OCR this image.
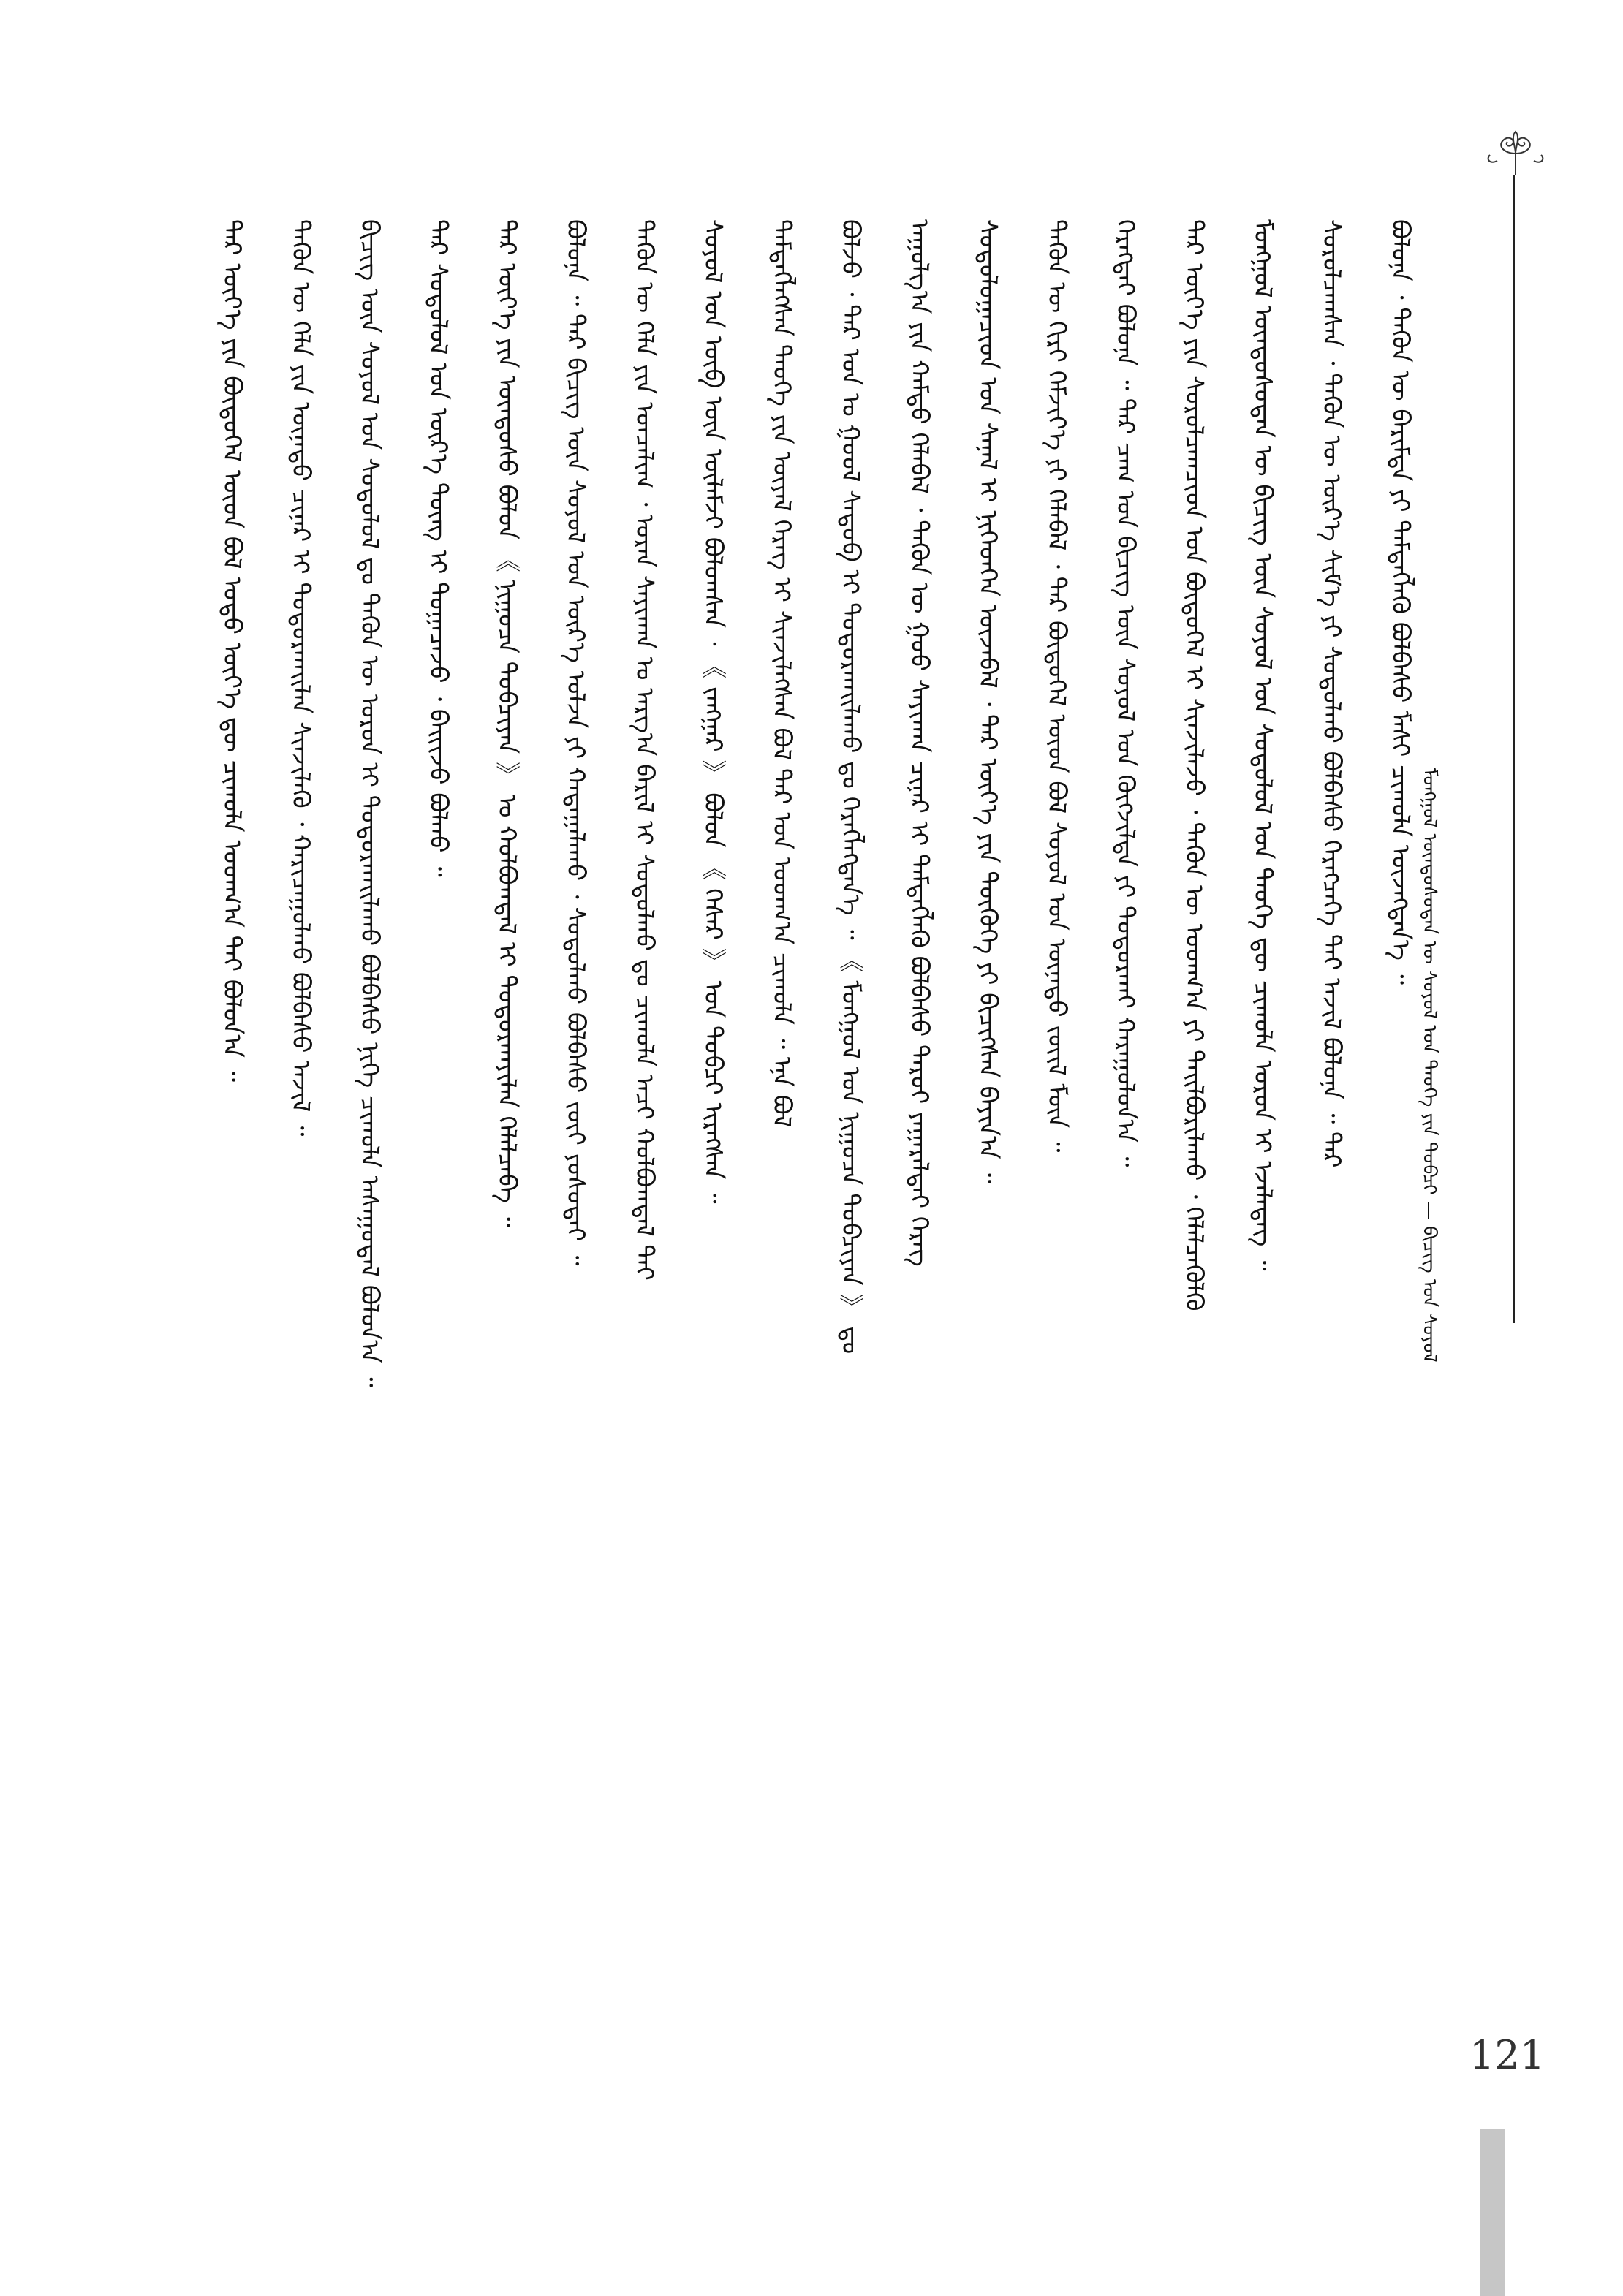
ᠮᠣᠩᠭᠣᠯ ᠦᠨᠳᠦᠰᠦᠲᠡᠨ ᠦ ᠰᠣᠶᠣᠯ ᠤᠨ ᠲᠡᠦᠬᠡ ᠶᠢᠨ ᠲᠣᠪᠴᠢ — ᠪᠢᠴᠢᠭ ᠤᠨ ᠰᠣᠶᠣᠯ
ᠪᠣᠯᠤᠨᠠ ᠂ ᠲᠡᠭᠦᠨ ᠦ ᠪᠠᠷᠢᠮᠲᠠ ᠶᠢ ᠲᠡᠮᠳᠡᠭᠯᠡᠬᠦ ᠪᠣᠯᠪᠠᠰᠤ ᠮᠠᠰᠢ ᠴᠢᠬᠤᠯᠠ ᠦᠵᠡᠭᠳᠡᠨ᠎ᠡ ᠃
ᠰᠤᠷᠤᠯᠴᠠᠭᠰᠠᠨ ᠂ ᠲᠡᠭᠦᠨ ᠦ ᠦᠷ᠎ᠡ ᠰᠢᠮ᠎ᠡ ᠶᠢ ᠰᠤᠳᠤᠯᠬᠤ ᠪᠣᠯᠪᠠᠰᠤ ᠬᠡᠷᠡᠭᠴᠡᠭᠡ ᠲᠠᠢ ᠠᠵᠢᠯ ᠪᠣᠯᠤᠨᠠ ᠃ ᠲᠡᠷ
ᠮᠣᠩᠭᠣᠯ ᠦᠨᠳᠦᠰᠦᠲᠡᠨ ᠦ ᠪᠢᠴᠢᠭ ᠦᠨ ᠰᠣᠶᠣᠯ ᠤᠨ ᠰᠤᠳᠤᠯᠤᠯ ᠤᠨ ᠲᠡᠦᠬᠡ ᠳᠦ ᠴᠢᠬᠤᠯᠠ ᠣᠷᠣᠨ ᠢ ᠡᠵᠡᠯᠡᠳᠡᠭ ᠃
ᠲᠡᠷ ᠦᠶ᠎ᠡ ᠶᠢᠨ ᠰᠤᠷᠤᠯᠴᠠᠭᠴᠢᠳ ᠤᠨ ᠪᠦᠲᠦᠭᠡᠯ ᠢ ᠰᠢᠨᠵᠢᠯᠡᠵᠦ ᠂ ᠲᠡᠭᠦᠨ ᠦ ᠤᠳᠬ᠎ᠠ ᠶᠢ ᠲᠠᠢᠯᠪᠤᠷᠢᠯᠠᠬᠤ ᠂ ᠬᠡᠯᠡᠯᠴᠡᠭᠦᠯᠬᠦ
ᠬᠡᠷᠡᠭᠲᠡᠢ ᠪᠣᠯᠤᠨᠠ ᠃ ᠲᠡᠷ ᠴᠠᠭ ᠤᠨ ᠪᠢᠴᠢᠭ ᠦᠨ ᠰᠣᠶᠣᠯ ᠤᠨ ᠬᠥᠭᠵᠢᠯᠲᠡ ᠶᠢ ᠲᠣᠳᠣᠷᠬᠠᠢ ᠬᠠᠷᠠᠭᠤᠯᠤᠨ᠎ᠠ ᠃
ᠲᠡᠭᠦᠨ ᠦ ᠬᠢᠷᠢ ᠬᠡᠮᠵᠢᠶ᠎ᠡ ᠶᠢ ᠬᠡᠯᠡᠪᠡᠯ ᠂ ᠲᠡᠷ ᠪᠦᠲᠦᠭᠡᠯ ᠦᠳ ᠪᠣᠯ ᠰᠣᠶᠣᠯ ᠤᠨ ᠦᠨᠡᠲᠦ ᠵᠦᠢᠯ ᠮᠥᠨ ᠃
ᠰᠤᠳᠤᠯᠤᠭᠠᠴᠢᠳ ᠤᠨ ᠰᠠᠨᠠᠯ ᠢ ᠨᠢᠭᠡᠳᠭᠡᠨ ᠦᠵᠡᠪᠡᠯ ᠂ ᠲᠡᠷ ᠦᠶ᠎ᠡ ᠶᠢᠨ ᠲᠦᠭᠦᠬᠡ ᠶᠢ ᠪᠢᠴᠢᠭᠰᠡᠨ ᠪᠠᠶᠢᠨ᠎ᠠ ᠃
ᠠᠭᠤᠯᠭ᠎ᠠ ᠶᠢᠨ ᠬᠠᠮᠲᠤ ᠬᠡᠯᠡᠪᠡᠯ ᠂ ᠲᠡᠭᠦᠨ ᠦ ᠭᠣᠣ ᠰᠠᠶᠢᠬᠠᠨ ᠴᠢᠨᠠᠷ ᠢ ᠲᠡᠮᠳᠡᠭᠯᠡᠬᠦ ᠪᠣᠯᠪᠠᠰᠤ ᠳᠠᠷᠤᠢ ᠶᠠᠭᠠᠷᠠᠯᠲᠠᠢ ᠬᠡᠷᠡᠭ
ᠪᠣᠯᠵᠤ ᠂ ᠲᠡᠷ ᠣᠨ ᠤ ᠭᠣᠣᠯ ᠰᠡᠳᠦᠪ ᠢ ᠲᠣᠳᠣᠷᠬᠠᠢᠯᠠᠬᠤ ᠳᠤ ᠬᠡᠷᠡᠭᠯᠡᠭᠳᠡᠨ᠎ᠡ ᠃ 《 ᠮᠣᠩᠭᠣᠯ ᠤᠨ ᠨᠢᠭᠤᠴᠠ ᠲᠣᠪᠴᠢᠶᠠᠨ 》 ᠳᠤ
ᠲᠡᠮᠳᠡᠭᠯᠡᠭᠰᠡᠨ ᠲᠡᠦᠬᠡ ᠶᠢᠨ ᠦᠶᠡᠯ ᠬᠡᠷᠡᠭ ᠢ ᠰᠢᠨᠵᠢᠯᠡᠭᠰᠡᠨ ᠪᠣᠯ ᠲᠡᠷ ᠤᠨ ᠤᠳᠬ᠎ᠠ ᠴᠢᠬᠤᠯᠠ ᠃ ᠡᠨᠡ ᠪᠣᠯ
ᠰᠣᠶᠣᠯ ᠤᠨ ᠦᠪ ᠦᠨ ᠦᠯᠡᠮᠵᠢ ᠪᠣᠯᠣᠭᠰᠠᠨ ᠂ 《 ᠵᠠᠩᠭᠠᠷ 》 ᠪᠣᠯᠤᠨ 《 ᠭᠡᠰᠡᠷ 》 ᠤᠨ ᠲᠣᠪᠴᠢ ᠢᠷᠡᠭᠰᠡᠨ ᠃
ᠲᠡᠭᠦᠨ ᠦ ᠬᠡᠯᠡ ᠶᠢᠨ ᠣᠨᠴᠠᠯᠢᠭ ᠂ ᠤᠷᠠᠨ ᠰᠠᠶᠢᠬᠠᠨ ᠤ ᠠᠷᠭ᠎ᠠ ᠪᠠᠷᠢᠯ ᠢ ᠰᠤᠳᠤᠯᠬᠤ ᠳᠤ ᠴᠢᠬᠤᠯᠠ ᠠᠴᠢ ᠬᠣᠯᠪᠣᠭᠳᠠᠯ ᠲᠠᠢ
ᠪᠣᠯᠤᠨᠠ ᠃ ᠲᠡᠷ ᠪᠢᠴᠢᠭ ᠦᠨ ᠰᠣᠶᠣᠯ ᠤᠨ ᠦᠷ᠎ᠡ ᠣᠯᠵᠠ ᠶᠢ ᠬᠠᠳᠠᠭᠠᠯᠠᠬᠤ ᠂ ᠰᠤᠳᠤᠯᠬᠤ ᠪᠣᠯᠪᠠᠰᠤ ᠵᠦᠢ ᠶᠣᠰᠣᠲᠠᠢ ᠃
ᠲᠡᠷ ᠦᠶ᠎ᠡ ᠶᠢᠨ ᠦᠨᠳᠦᠰᠦ ᠪᠣᠯᠤᠨ 《 ᠨᠢᠭᠤᠴᠠ ᠲᠣᠪᠴᠢᠶᠠᠨ 》 ᠤ ᠬᠣᠯᠪᠣᠭᠳᠠᠯ ᠢ ᠲᠣᠳᠣᠷᠬᠠᠶᠢᠯᠠᠨ ᠬᠡᠯᠡᠯᠴᠡᠪᠡ ᠃
ᠲᠡᠷ ᠰᠤᠳᠤᠯᠤᠯ ᠤᠨ ᠦᠷ᠎ᠡ ᠳᠦᠩ ᠢ ᠲᠣᠭᠠᠴᠠᠵᠤ ᠂ ᠪᠠᠢᠢᠵᠤ ᠪᠣᠯᠬᠤ ᠃
ᠪᠢᠴᠢᠭ ᠦᠨ ᠰᠣᠶᠣᠯ ᠤᠨ ᠰᠤᠳᠤᠯᠤᠯ ᠳᠤ ᠲᠡᠭᠦᠨ ᠦ ᠣᠷᠣᠨ ᠢ ᠲᠣᠳᠣᠷᠬᠠᠢᠯᠠᠬᠤ ᠪᠣᠯᠪᠠᠰᠤ ᠨᠢᠭᠡ ᠴᠢᠬᠤᠯᠠ ᠠᠰᠠᠭᠤᠳᠠᠯ ᠪᠣᠯᠤᠨ᠎ᠠ ᠃
ᠲᠡᠭᠦᠨ ᠦ ᠬᠡᠯᠡ ᠶᠢᠨ ᠦᠨᠡᠲᠦ ᠴᠢᠨᠠᠷ ᠢ ᠲᠣᠳᠣᠷᠬᠠᠢᠯᠠᠨ ᠰᠢᠨᠵᠢᠯᠡᠬᠦ ᠂ ᠬᠠᠷᠢᠴᠠᠭᠤᠯᠬᠤ ᠪᠣᠯᠪᠠᠰᠤ ᠠᠵᠢᠯ ᠃
ᠲᠡᠷ ᠦᠶ᠎ᠡ ᠶᠢᠨ ᠪᠦᠲᠦᠭᠡᠯ ᠦᠳ ᠪᠣᠯ ᠣᠳᠣ ᠦᠶ᠎ᠡ ᠳᠦ ᠴᠢᠬᠤᠯᠠ ᠤᠳᠬ᠎ᠠ ᠲᠠᠢ ᠪᠣᠯᠣᠨ᠎ᠠ ᠃
121
